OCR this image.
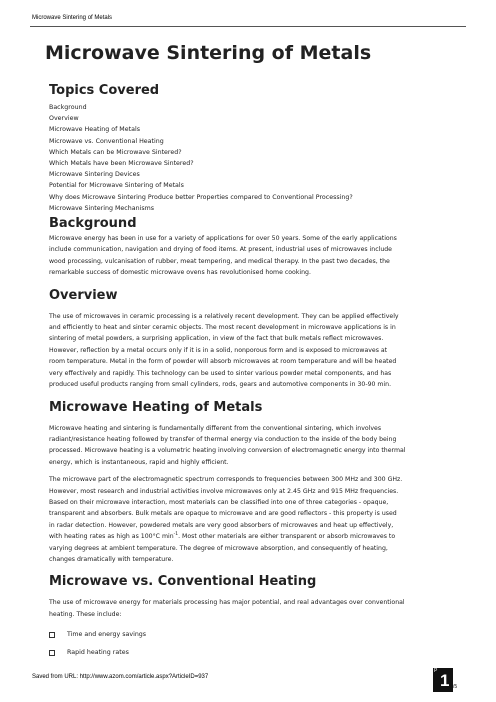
Microwave Sintering of Metals
Microwave Sintering of Metals
Topics Covered
Background
Overview
Microwave Heating of Metals
Microwave vs. Conventional Heating
Which Metals can be Microwave Sintered?
Which Metals have been Microwave Sintered?
Microwave Sintering Devices
Potential for Microwave Sintering of Metals
Why does Microwave Sintering Produce better Properties compared to Conventional Processing?
Microwave Sintering Mechanisms
Background

Microwave energy has been in use for a variety of applications for over 50 years. Some of the early applications
include communication, navigation and drying of food items. At present, industrial uses of microwaves include
wood processing, vulcanisation of rubber, meat tempering, and medical therapy. In the past two decades, the
remarkable success of domestic microwave ovens has revolutionised home cooking.

Overview

The use of microwaves in ceramic processing is a relatively recent development. They can be applied effectively
and efficiently to heat and sinter ceramic objects. The most recent development in microwave applications is in
sintering of metal powders, a surprising application, in view of the fact that bulk metals reflect microwaves.
However, reflection by a metal occurs only if it is in a solid, nonporous form and is exposed to microwaves at
room temperature. Metal in the form of powder will absorb microwaves at room temperature and will be heated
very effectively and rapidly. This technology can be used to sinter various powder metal components, and has
produced useful products ranging from small cylinders, rods, gears and automotive components in 30-90 min.

Microwave Heating of Metals

Microwave heating and sintering is fundamentally different from the conventional sintering, which involves
radiant/resistance heating followed by transfer of thermal energy via conduction to the inside of the body being
processed. Microwave heating is a volumetric heating involving conversion of electromagnetic energy into thermal
energy, which is instantaneous, rapid and highly efficient.

The microwave part of the electromagnetic spectrum corresponds to frequencies between 300 MHz and 300 GHz.
However, most research and industrial activities involve microwaves only at 2.45 GHz and 915 MHz frequencies.
Based on their microwave interaction, most materials can be classified into one of three categories - opaque,
transparent and absorbers. Bulk metals are opaque to microwave and are good reflectors - this property is used
in radar detection. However, powdered metals are very good absorbers of microwaves and heat up effectively,
with heating rates as high as 100°C $\min^{-1}$. Most other materials are either transparent or absorb microwaves to
varying degrees at ambient temperature. The degree of microwave absorption, and consequently of heating,
changes dramatically with temperature.

Microwave vs. Conventional Heating

The use of microwave energy for materials processing has major potential, and real advantages over conventional
heating. These include:

Time and energy savings
Rapid heating rates
Saved from URL: http://www.azom.com/article.aspx?ArticleID=937
P 1 /5
